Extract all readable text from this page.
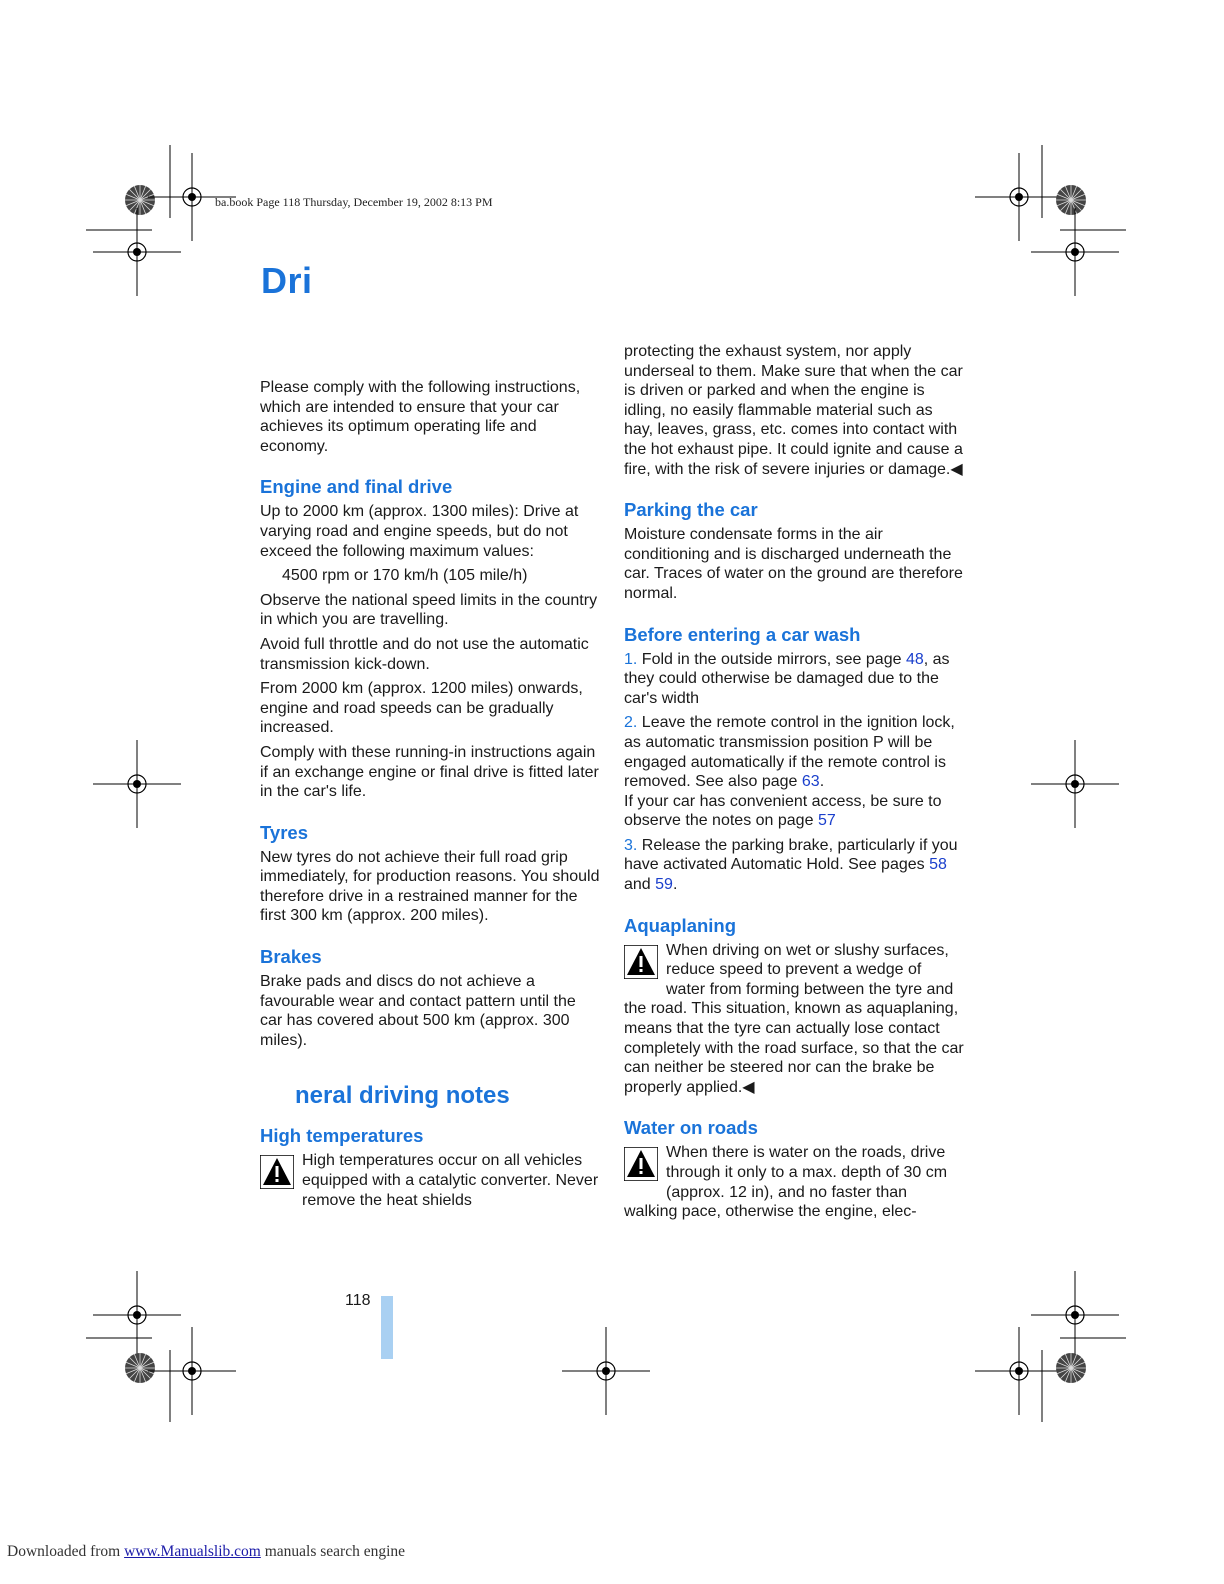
ba.book Page 118 Thursday, December 19, 2002 8:13 PM
Dri

Please comply with the following instructions, which are intended to ensure that your car achieves its optimum operating life and economy.

Engine and final drive

Up to 2000 km (approx. 1300 miles): Drive at varying road and engine speeds, but do not exceed the following maximum values:

4500 rpm or 170 km/h (105 mile/h)

Observe the national speed limits in the country in which you are travelling.

Avoid full throttle and do not use the automatic transmission kick-down.

From 2000 km (approx. 1200 miles) onwards, engine and road speeds can be gradually increased.

Comply with these running-in instructions again if an exchange engine or final drive is fitted later in the car's life.

Tyres

New tyres do not achieve their full road grip immediately, for production reasons. You should therefore drive in a restrained manner for the first 300 km (approx. 200 miles).

Brakes

Brake pads and discs do not achieve a favourable wear and contact pattern until the car has covered about 500 km (approx. 300 miles).

neral driving notes
High temperatures

High temperatures occur on all vehicles equipped with a catalytic converter. Never remove the heat shields

protecting the exhaust system, nor apply underseal to them. Make sure that when the car is driven or parked and when the engine is idling, no easily flammable material such as hay, leaves, grass, etc. comes into contact with the hot exhaust pipe. It could ignite and cause a fire, with the risk of severe injuries or damage.◀

Parking the car

Moisture condensate forms in the air conditioning and is discharged underneath the car. Traces of water on the ground are therefore normal.

Before entering a car wash

1. Fold in the outside mirrors, see page 48, as they could otherwise be damaged due to the car's width

2. Leave the remote control in the ignition lock, as automatic transmission position P will be engaged automatically if the remote control is removed. See also page 63.
If your car has convenient access, be sure to observe the notes on page 57

3. Release the parking brake, particularly if you have activated Automatic Hold. See pages 58 and 59.

Aquaplaning

When driving on wet or slushy surfaces, reduce speed to prevent a wedge of water from forming between the tyre and the road. This situation, known as aquaplaning, means that the tyre can actually lose contact completely with the road surface, so that the car can neither be steered nor can the brake be properly applied.◀

Water on roads

When there is water on the roads, drive through it only to a max. depth of 30 cm (approx. 12 in), and no faster than walking pace, otherwise the engine, elec-

118
Downloaded from www.Manualslib.com manuals search engine
